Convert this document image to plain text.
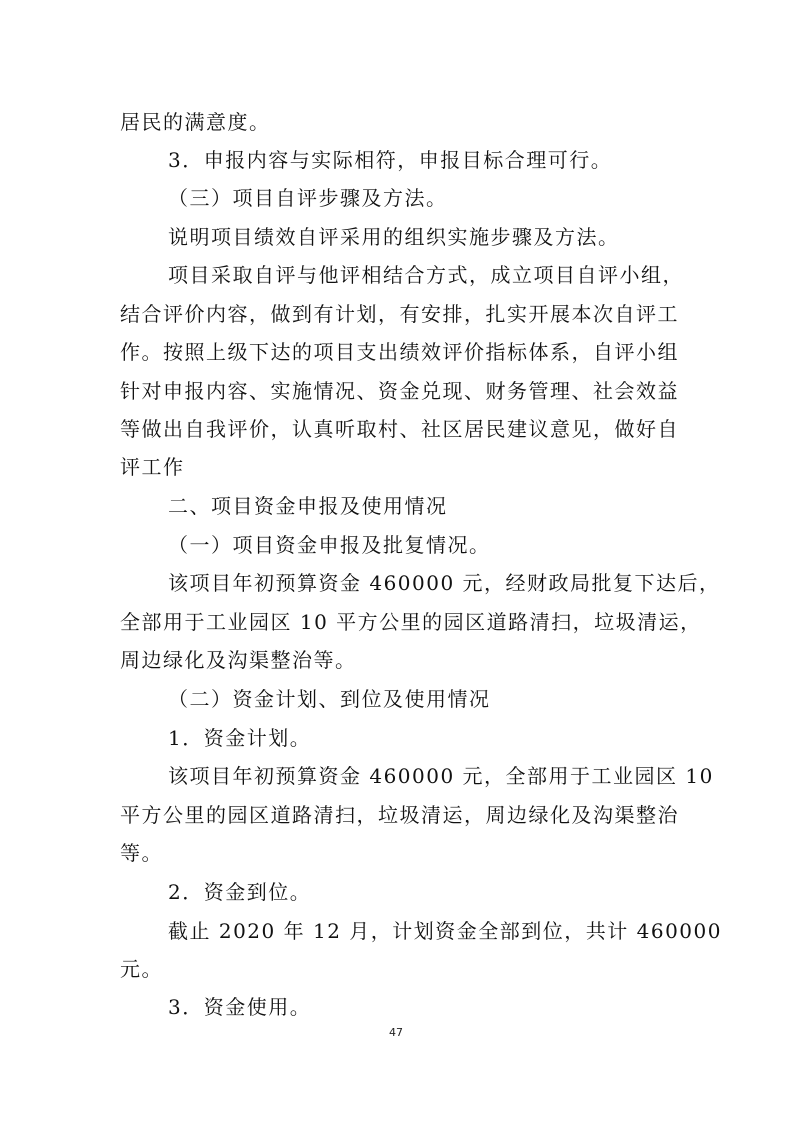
居民的满意度。
3．申报内容与实际相符，申报目标合理可行。
（三）项目自评步骤及方法。
说明项目绩效自评采用的组织实施步骤及方法。
项目采取自评与他评相结合方式，成立项目自评小组，
结合评价内容，做到有计划，有安排，扎实开展本次自评工
作。按照上级下达的项目支出绩效评价指标体系，自评小组
针对申报内容、实施情况、资金兑现、财务管理、社会效益
等做出自我评价，认真听取村、社区居民建议意见，做好自
评工作
二、项目资金申报及使用情况
（一）项目资金申报及批复情况。
该项目年初预算资金 460000 元，经财政局批复下达后，
全部用于工业园区 10 平方公里的园区道路清扫，垃圾清运，
周边绿化及沟渠整治等。
（二）资金计划、到位及使用情况
1．资金计划。
该项目年初预算资金 460000 元，全部用于工业园区 10
平方公里的园区道路清扫，垃圾清运，周边绿化及沟渠整治
等。
2．资金到位。
截止 2020 年 12 月，计划资金全部到位，共计 460000
元。
3．资金使用。
47
